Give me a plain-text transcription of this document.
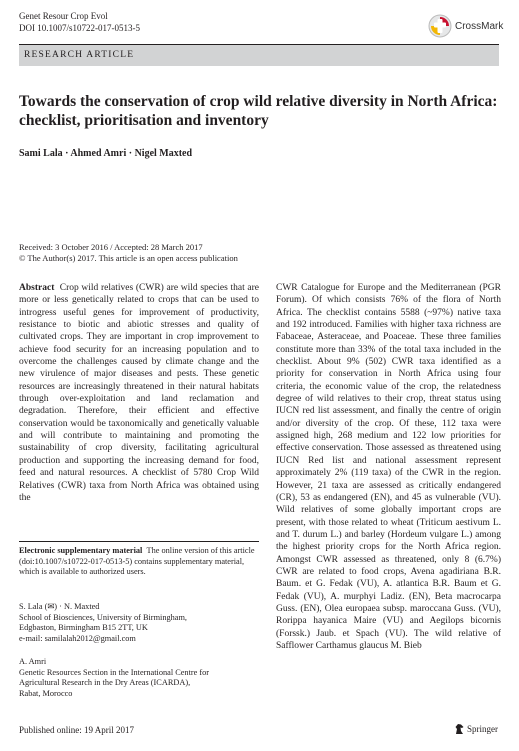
Genet Resour Crop Evol
DOI 10.1007/s10722-017-0513-5	CrossMark
RESEARCH ARTICLE
Towards the conservation of crop wild relative diversity in North Africa: checklist, prioritisation and inventory
Sami Lala · Ahmed Amri · Nigel Maxted
Received: 3 October 2016 / Accepted: 28 March 2017
© The Author(s) 2017. This article is an open access publication

Abstract Crop wild relatives (CWR) are wild species that are more or less genetically related to crops that can be used to introgress useful genes for improvement of productivity, resistance to biotic and abiotic stresses and quality of cultivated crops. They are important in crop improvement to achieve food security for an increasing population and to overcome the challenges caused by climate change and the new virulence of major diseases and pests. These genetic resources are increasingly threatened in their natural habitats through over-exploitation and land reclamation and degradation. Therefore, their efficient and effective conservation would be taxonomically and genetically valuable and will contribute to maintaining and promoting the sustainability of crop diversity, facilitating agricultural production and supporting the increasing demand for food, feed and natural resources. A checklist of 5780 Crop Wild Relatives (CWR) taxa from North Africa was obtained using the

CWR Catalogue for Europe and the Mediterranean (PGR Forum). Of which consists 76% of the flora of North Africa. The checklist contains 5588 (~97%) native taxa and 192 introduced. Families with higher taxa richness are Fabaceae, Asteraceae, and Poaceae. These three families constitute more than 33% of the total taxa included in the checklist. About 9% (502) CWR taxa identified as a priority for conservation in North Africa using four criteria, the economic value of the crop, the relatedness degree of wild relatives to their crop, threat status using IUCN red list assessment, and finally the centre of origin and/or diversity of the crop. Of these, 112 taxa were assigned high, 268 medium and 122 low priorities for effective conservation. Those assessed as threatened using IUCN Red list and national assessment represent approximately 2% (119 taxa) of the CWR in the region. However, 21 taxa are assessed as critically endangered (CR), 53 as endangered (EN), and 45 as vulnerable (VU). Wild relatives of some globally important crops are present, with those related to wheat (Triticum aestivum L. and T. durum L.) and barley (Hordeum vulgare L.) among the highest priority crops for the North Africa region. Amongst CWR assessed as threatened, only 8 (6.7%) CWR are related to food crops, Avena agadiriana B.R. Baum. et G. Fedak (VU), A. atlantica B.R. Baum et G. Fedak (VU), A. murphyi Ladiz. (EN), Beta macrocarpa Guss. (EN), Olea europaea subsp. maroccana Guss. (VU), Rorippa hayanica Maire (VU) and Aegilops bicornis (Forssk.) Jaub. et Spach (VU). The wild relative of Safflower Carthamus glaucus M. Bieb

Electronic supplementary material The online version of this article (doi:10.1007/s10722-017-0513-5) contains supplementary material, which is available to authorized users.

S. Lala (✉) · N. Maxted

School of Biosciences, University of Birmingham,

Edgbaston, Birmingham B15 2TT, UK

e-mail: samilalah2012@gmail.com

A. Amri

Genetic Resources Section in the International Centre for

Agricultural Research in the Dry Areas (ICARDA),

Rabat, Morocco

Published online: 19 April 2017	Springer
